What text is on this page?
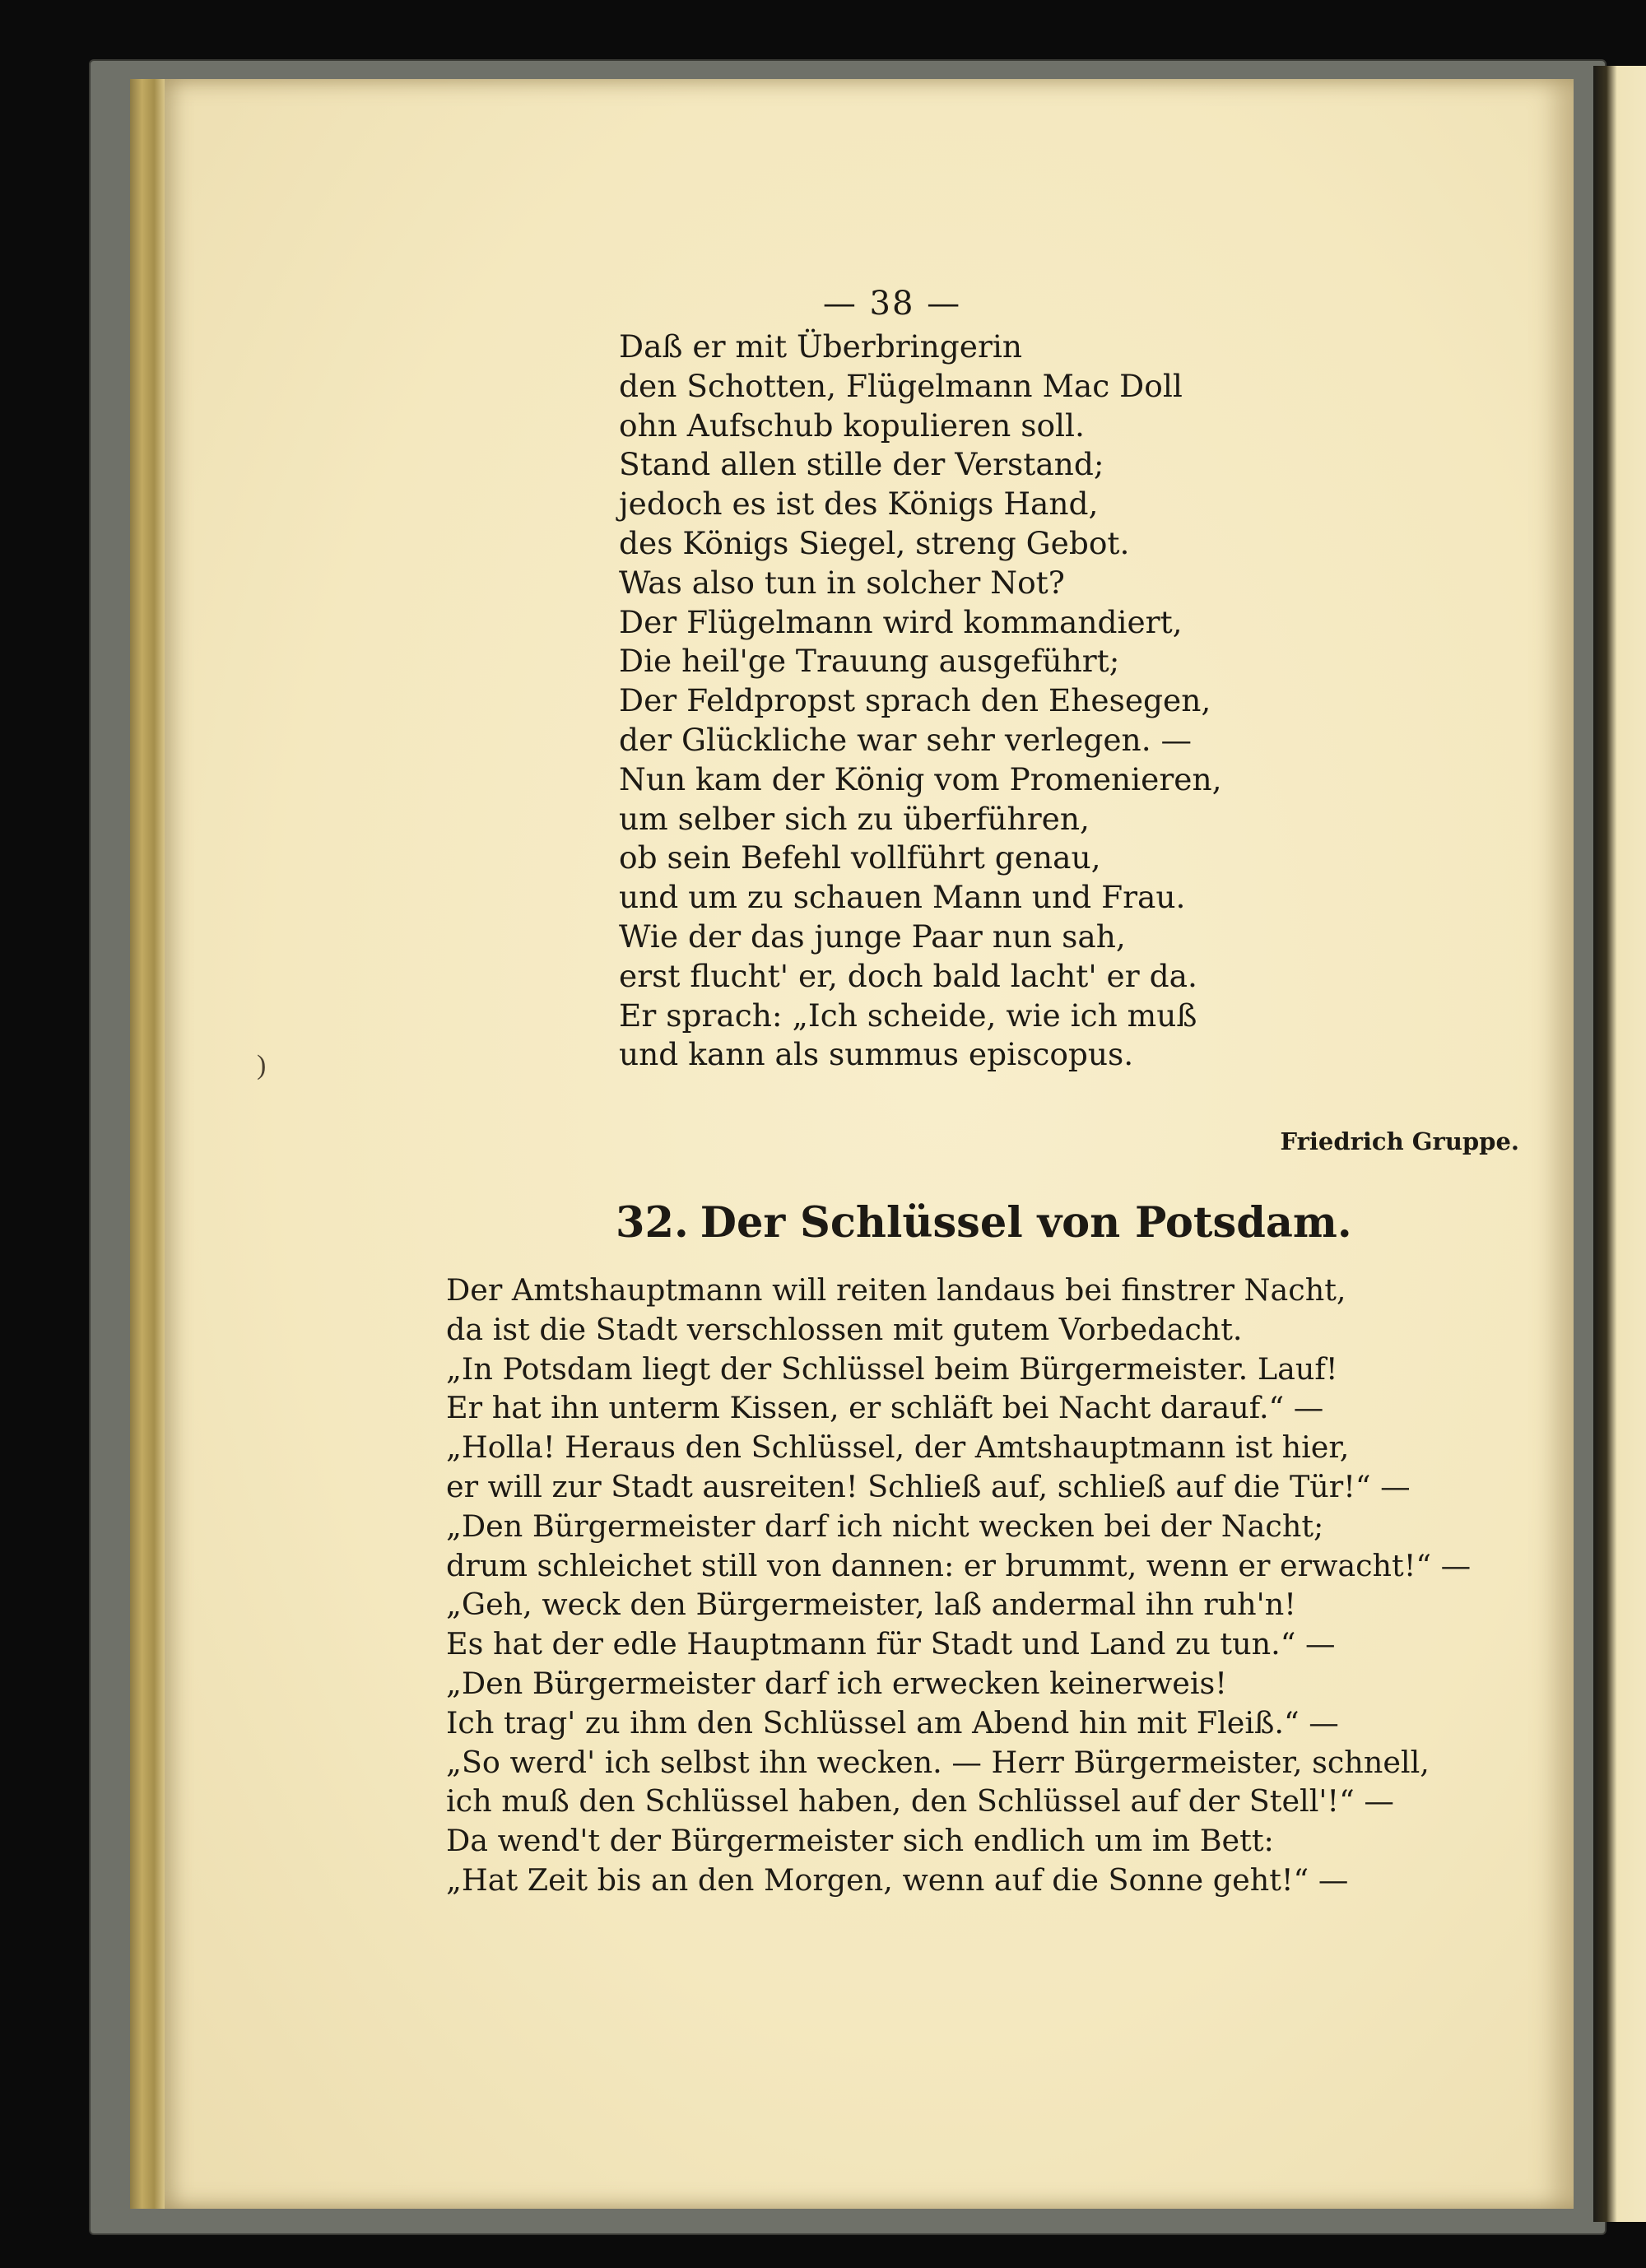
— 38 —
Daß er mit Überbringerin
den Schotten, Flügelmann Mac Doll
ohn Aufschub kopulieren soll.
Stand allen stille der Verstand;
jedoch es ist des Königs Hand,
des Königs Siegel, streng Gebot.
Was also tun in solcher Not?
Der Flügelmann wird kommandiert,
Die heil'ge Trauung ausgeführt;
Der Feldpropst sprach den Ehesegen,
der Glückliche war sehr verlegen. —
Nun kam der König vom Promenieren,
um selber sich zu überführen,
ob sein Befehl vollführt genau,
und um zu schauen Mann und Frau.
Wie der das junge Paar nun sah,
erst flucht' er, doch bald lacht' er da.
Er sprach: „Ich scheide, wie ich muß
und kann als summus episcopus.
Friedrich Gruppe.
32. Der Schlüssel von Potsdam.
Der Amtshauptmann will reiten landaus bei finstrer Nacht,
da ist die Stadt verschlossen mit gutem Vorbedacht.
„In Potsdam liegt der Schlüssel beim Bürgermeister. Lauf!
Er hat ihn unterm Kissen, er schläft bei Nacht darauf.“ —
„Holla! Heraus den Schlüssel, der Amtshauptmann ist hier,
er will zur Stadt ausreiten! Schließ auf, schließ auf die Tür!“ —
„Den Bürgermeister darf ich nicht wecken bei der Nacht;
drum schleichet still von dannen: er brummt, wenn er erwacht!“ —
„Geh, weck den Bürgermeister, laß andermal ihn ruh'n!
Es hat der edle Hauptmann für Stadt und Land zu tun.“ —
„Den Bürgermeister darf ich erwecken keinerweis!
Ich trag' zu ihm den Schlüssel am Abend hin mit Fleiß.“ —
„So werd' ich selbst ihn wecken. — Herr Bürgermeister, schnell,
ich muß den Schlüssel haben, den Schlüssel auf der Stell'!“ —
Da wend't der Bürgermeister sich endlich um im Bett:
„Hat Zeit bis an den Morgen, wenn auf die Sonne geht!“ —
)
